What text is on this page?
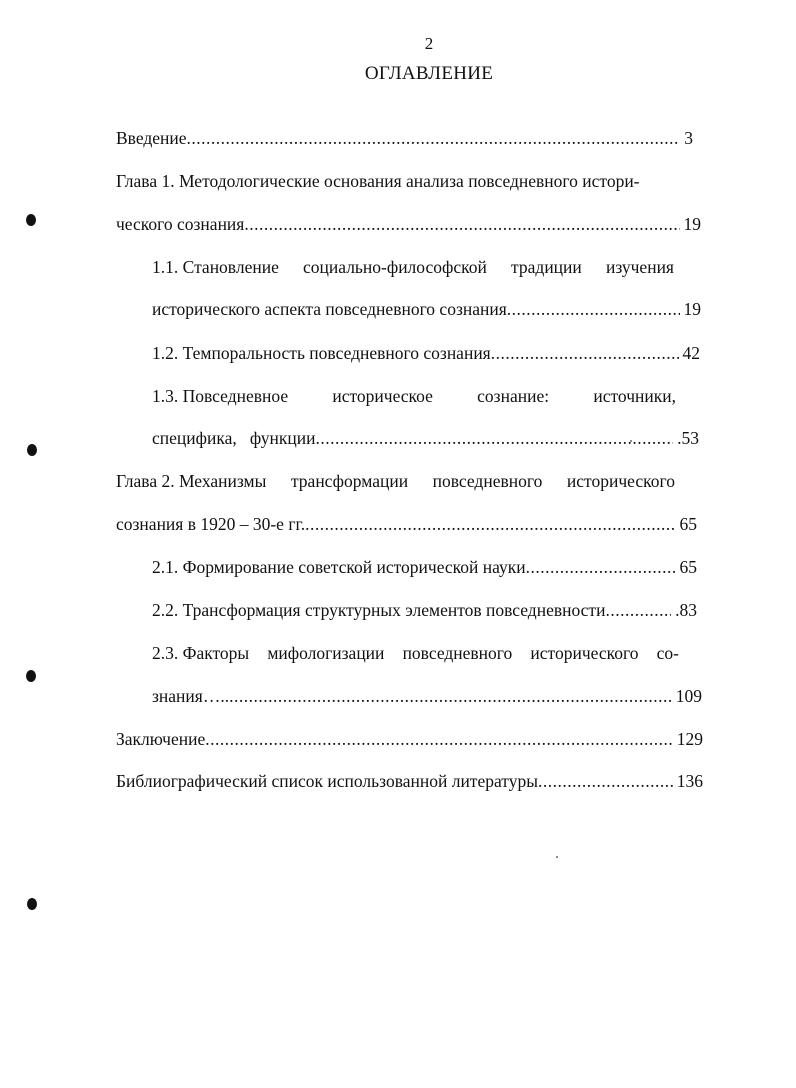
2
ОГЛАВЛЕНИЕ
Введение .....	3
Глава 1. Методологические основания анализа повседневного истори-
ческого сознания .....	19
1.1. Становление социально-философской традиции изучения
исторического аспекта повседневного сознания .....	19
1.2. Темпоральность повседневного сознания .....	42
1.3. Повседневное	историческое	сознание:	источники,
специфика,   функции .....	.53
Глава 2. Механизмы трансформации повседневного исторического
сознания в 1920 – 30-е гг. .....	65
2.1. Формирование советской исторической науки .....	65
2.2. Трансформация структурных элементов повседневности .....	.83
2.3. Факторы мифологизации повседневного исторического со-
знания….. .....	109
Заключение .....	129
Библиографический список использованной литературы .....	136
